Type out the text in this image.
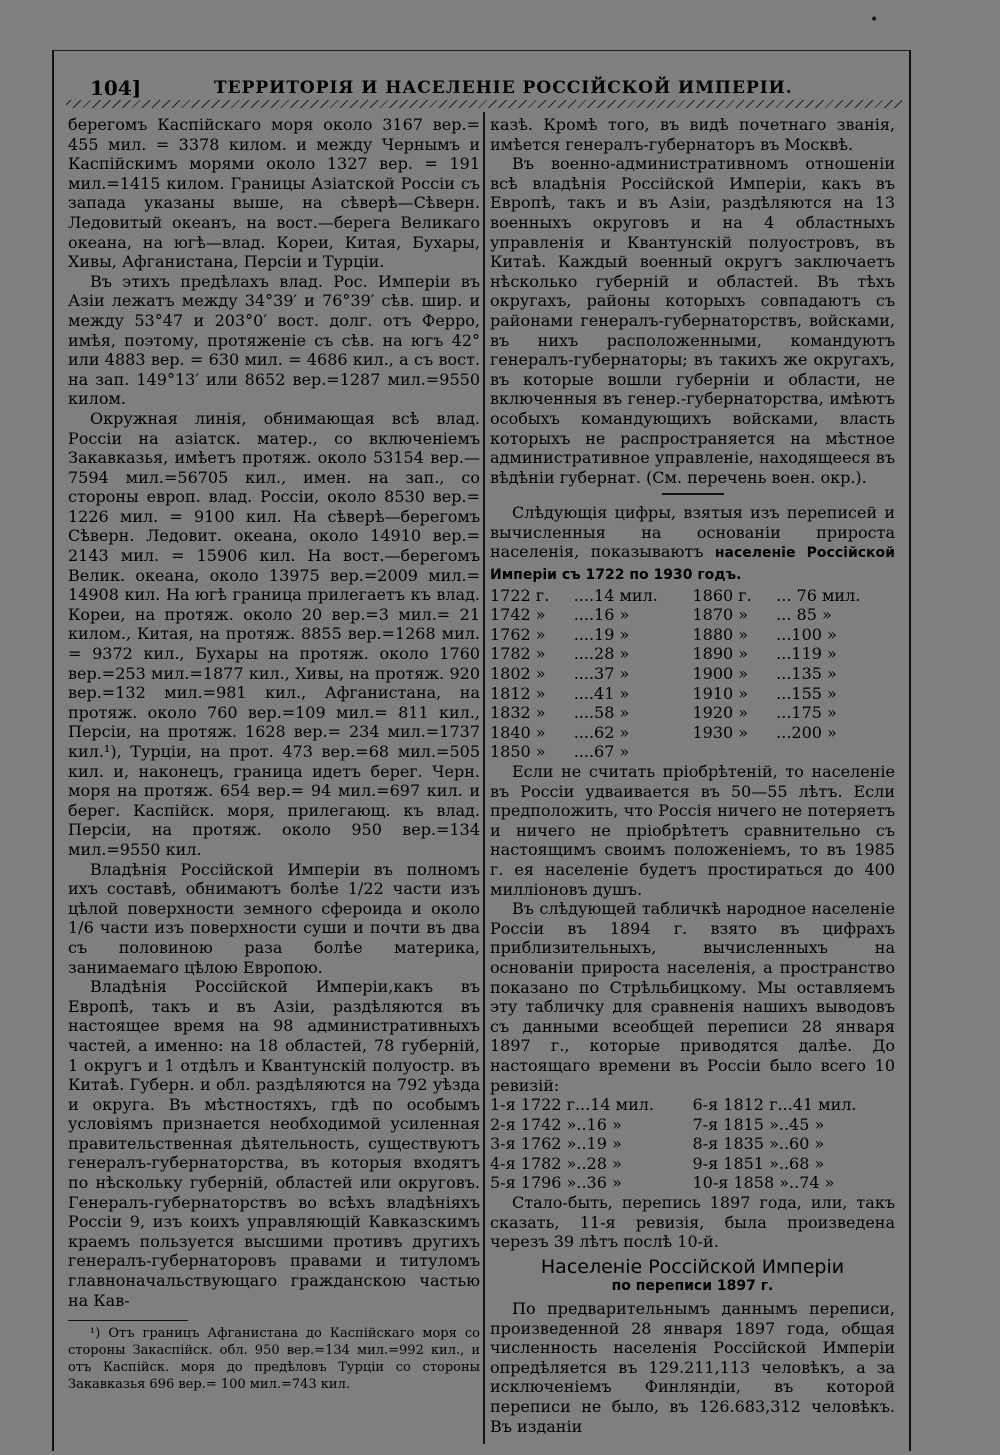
104]	ТЕРРИТОРІЯ И НАСЕЛЕНІЕ РОССІЙСКОЙ ИМПЕРІИ.

берегомъ Каспійскаго моря около 3167 вер.= 455 мил. = 3378 килом. и между Чернымъ и Каспійскимъ морями около 1327 вер. = 191 мил.=1415 килом. Границы Азіатской Россіи съ запада указаны выше, на сѣверѣ—Сѣверн. Ледовитый океанъ, на вост.—берега Великаго океана, на югѣ—влад. Кореи, Китая, Бухары, Хивы, Афганистана, Персіи и Турціи.

Въ этихъ предѣлахъ влад. Рос. Имперіи въ Азіи лежатъ между 34°39′ и 76°39′ сѣв. шир. и между 53°47 и 203°0′ вост. долг. отъ Ферро, имѣя, поэтому, протяженіе съ сѣв. на югъ 42° или 4883 вер. = 630 мил. = 4686 кил., а съ вост. на зап. 149°13′ или 8652 вер.=1287 мил.=9550 килом.

Окружная линія, обнимающая всѣ влад. Россіи на азіатск. матер., со включеніемъ Закавказья, имѣетъ протяж. около 53154 вер.— 7594 мил.=56705 кил., имен. на зап., со стороны европ. влад. Россіи, около 8530 вер.= 1226 мил. = 9100 кил. На сѣверѣ—берегомъ Сѣверн. Ледовит. океана, около 14910 вер.= 2143 мил. = 15906 кил. На вост.—берегомъ Велик. океана, около 13975 вер.=2009 мил.= 14908 кил. На югѣ граница прилегаетъ къ влад. Кореи, на протяж. около 20 вер.=3 мил.= 21 килом., Китая, на протяж. 8855 вер.=1268 мил. = 9372 кил., Бухары на протяж. около 1760 вер.=253 мил.=1877 кил., Хивы, на протяж. 920 вер.=132 мил.=981 кил., Афганистана, на протяж. около 760 вер.=109 мил.= 811 кил., Персіи, на протяж. 1628 вер.= 234 мил.=1737 кил.¹), Турціи, на прот. 473 вер.=68 мил.=505 кил. и, наконецъ, граница идетъ берег. Черн. моря на протяж. 654 вер.= 94 мил.=697 кил. и берег. Каспійск. моря, прилегающ. къ влад. Персіи, на протяж. около 950 вер.=134 мил.=9550 кил.

Владѣнія Россійской Имперіи въ полномъ ихъ составѣ, обнимаютъ болѣе 1/22 части изъ цѣлой поверхности земного сфероида и около 1/6 части изъ поверхности суши и почти въ два съ половиною раза болѣе материка, занимаемаго цѣлою Европою.

Владѣнія Россійской Имперіи,какъ въ Европѣ, такъ и въ Азіи, раздѣляются въ настоящее время на 98 административныхъ частей, а именно: на 18 областей, 78 губерній, 1 округъ и 1 отдѣлъ и Квантунскій полуостр. въ Китаѣ. Губерн. и обл. раздѣляются на 792 уѣзда и округа. Въ мѣстностяхъ, гдѣ по особымъ условіямъ признается необходимой усиленная правительственная дѣятельность, существуютъ генералъ-губернаторства, въ которыя входятъ по нѣскольку губерній, областей или округовъ. Генералъ-губернаторствъ во всѣхъ владѣніяхъ Россіи 9, изъ коихъ управляющій Кавказскимъ краемъ пользуется высшими противъ другихъ генералъ-губернаторовъ правами и титуломъ главноначальствующаго гражданскою частью на Кав-

¹) Отъ границъ Афганистана до Каспійскаго моря со стороны Закаспійск. обл. 950 вер.=134 мил.=992 кил., и отъ Каспійск. моря до предѣловъ Турціи со стороны Закавказья 696 вер.= 100 мил.=743 кил.

казѣ. Кромѣ того, въ видѣ почетнаго званія, имѣется генералъ-губернаторъ въ Москвѣ.

Въ военно-административномъ отношеніи всѣ владѣнія Россійской Имперіи, какъ въ Европѣ, такъ и въ Азіи, раздѣляются на 13 военныхъ округовъ и на 4 областныхъ управленія и Квантунскій полуостровъ, въ Китаѣ. Каждый военный округъ заключаетъ нѣсколько губерній и областей. Въ тѣхъ округахъ, районы которыхъ совпадаютъ съ районами генералъ-губернаторствъ, войсками, въ нихъ расположенными, командуютъ генералъ-губернаторы; въ такихъ же округахъ, въ которые вошли губерніи и области, не включенныя въ генер.-губернаторства, имѣютъ особыхъ командующихъ войсками, власть которыхъ не распространяется на мѣстное административное управленіе, находящееся въ вѣдѣніи губернат. (См. перечень воен. окр.).

Слѣдующія цифры, взятыя изъ переписей и вычисленныя на основаніи прироста населенія, показываютъ населеніе Россійской Имперіи съ 1722 по 1930 годъ.

1722 г.	....14 мил.	1860 г.	... 76 мил.
1742 »	....16 »	1870 »	... 85 »
1762 »	....19 »	1880 »	...100 »
1782 »	....28 »	1890 »	...119 »
1802 »	....37 »	1900 »	...135 »
1812 »	....41 »	1910 »	...155 »
1832 »	....58 »	1920 »	...175 »
1840 »	....62 »	1930 »	...200 »
1850 »	....67 »		

Если не считать пріобрѣтеній, то населеніе въ Россіи удваивается въ 50—55 лѣтъ. Если предположить, что Россія ничего не потеряетъ и ничего не пріобрѣтетъ сравнительно съ настоящимъ своимъ положеніемъ, то въ 1985 г. ея населеніе будетъ простираться до 400 милліоновъ душъ.

Въ слѣдующей табличкѣ народное населеніе Россіи въ 1894 г. взято въ цифрахъ приблизительныхъ, вычисленныхъ на основаніи прироста населенія, а пространство показано по Стрѣльбицкому. Мы оставляемъ эту табличку для сравненія нашихъ выводовъ съ данными всеобщей переписи 28 января 1897 г., которые приводятся далѣе. До настоящаго времени въ Россіи было всего 10 ревизій:

1-я 1722 г...14 мил.	6-я 1812 г...41 мил.
2-я 1742 »..16 »	7-я 1815 »..45 »
3-я 1762 »..19 »	8-я 1835 »..60 »
4-я 1782 »..28 »	9-я 1851 »..68 »
5-я 1796 »..36 »	10-я 1858 »..74 »

Стало-быть, перепись 1897 года, или, такъ сказать, 11-я ревизія, была произведена черезъ 39 лѣтъ послѣ 10-й.

Населеніе Россійской Имперіи
по переписи 1897 г.

По предварительнымъ даннымъ переписи, произведенной 28 января 1897 года, общая численность населенія Россійской Имперіи опредѣляется въ 129.211,113 человѣкъ, а за исключеніемъ Финляндіи, въ которой переписи не было, въ 126.683,312 человѣкъ. Въ изданіи

•
